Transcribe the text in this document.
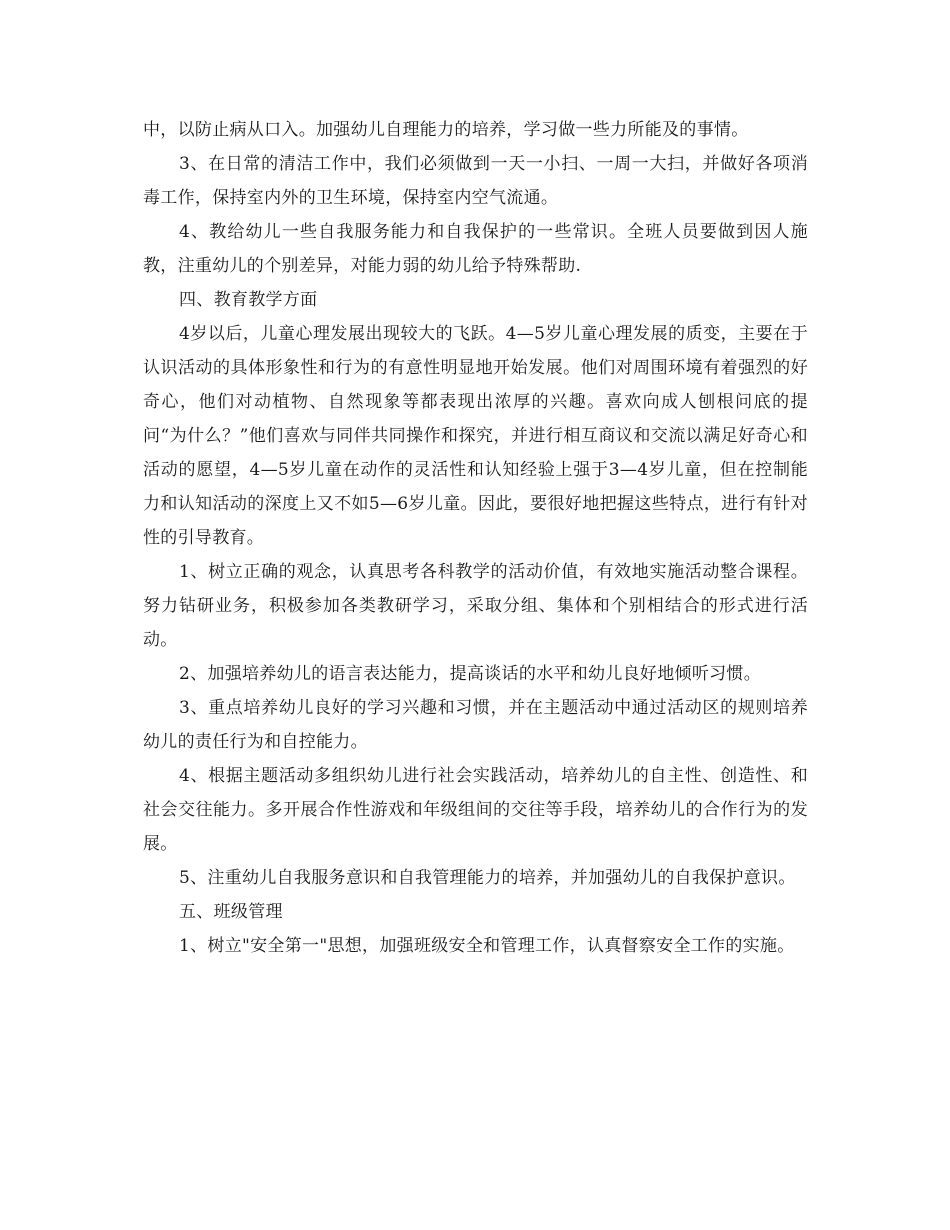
中，以防止病从口入。加强幼儿自理能力的培养，学习做一些力所能及的事情。

3、在日常的清洁工作中，我们必须做到一天一小扫、一周一大扫，并做好各项消毒工作，保持室内外的卫生环境，保持室内空气流通。

4、教给幼儿一些自我服务能力和自我保护的一些常识。全班人员要做到因人施教，注重幼儿的个别差异，对能力弱的幼儿给予特殊帮助.

四、教育教学方面

4岁以后，儿童心理发展出现较大的飞跃。4—5岁儿童心理发展的质变，主要在于认识活动的具体形象性和行为的有意性明显地开始发展。他们对周围环境有着强烈的好奇心，他们对动植物、自然现象等都表现出浓厚的兴趣。喜欢向成人刨根问底的提问“为什么？”他们喜欢与同伴共同操作和探究，并进行相互商议和交流以满足好奇心和活动的愿望，4—5岁儿童在动作的灵活性和认知经验上强于3—4岁儿童，但在控制能力和认知活动的深度上又不如5—6岁儿童。因此，要很好地把握这些特点，进行有针对性的引导教育。

1、树立正确的观念，认真思考各科教学的活动价值，有效地实施活动整合课程。努力钻研业务，积极参加各类教研学习，采取分组、集体和个别相结合的形式进行活动。

2、加强培养幼儿的语言表达能力，提高谈话的水平和幼儿良好地倾听习惯。

3、重点培养幼儿良好的学习兴趣和习惯，并在主题活动中通过活动区的规则培养幼儿的责任行为和自控能力。

4、根据主题活动多组织幼儿进行社会实践活动，培养幼儿的自主性、创造性、和社会交往能力。多开展合作性游戏和年级组间的交往等手段，培养幼儿的合作行为的发展。

5、注重幼儿自我服务意识和自我管理能力的培养，并加强幼儿的自我保护意识。

五、班级管理

1、树立"安全第一"思想，加强班级安全和管理工作，认真督察安全工作的实施。
